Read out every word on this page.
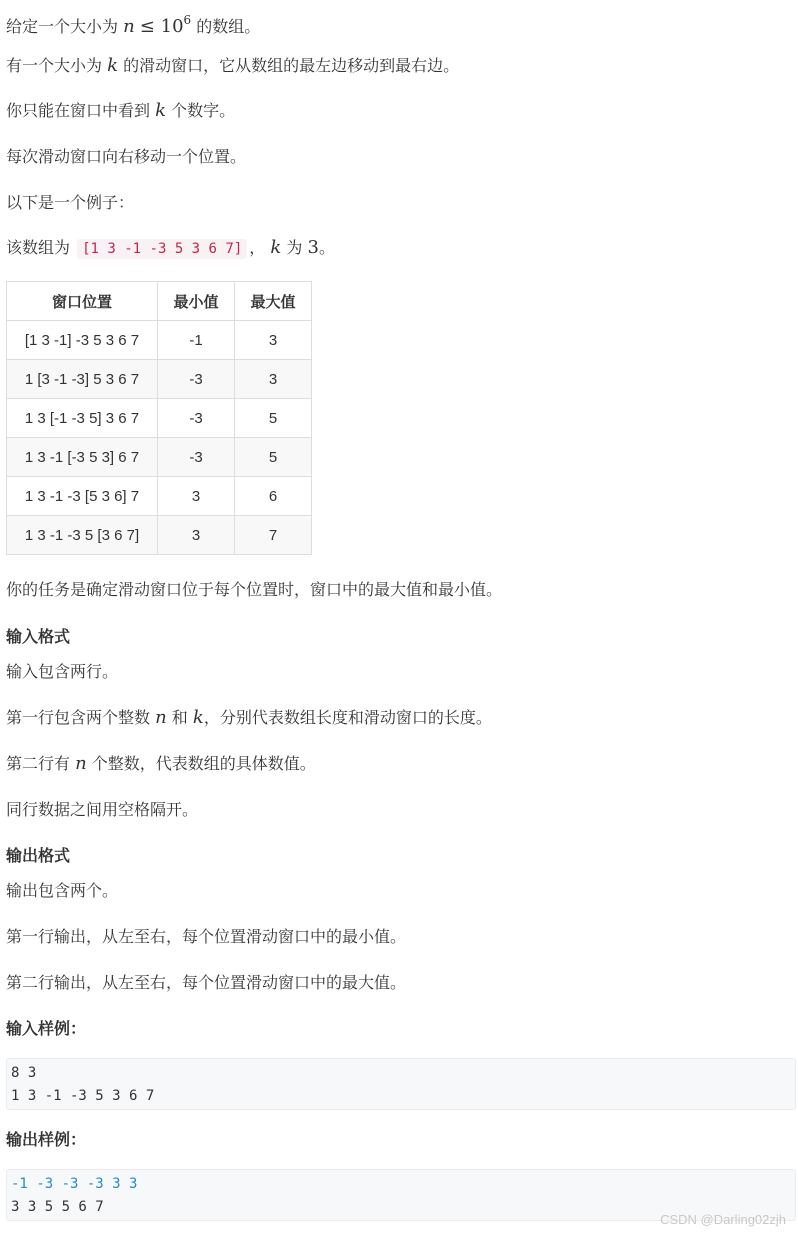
给定一个大小为 $n \le 10^6$ 的数组。
有一个大小为 k 的滑动窗口，它从数组的最左边移动到最右边。
你只能在窗口中看到 k 个数字。
每次滑动窗口向右移动一个位置。
以下是一个例子：
该数组为 [1 3 -1 -3 5 3 6 7] ， k 为 3。
窗口位置	最小值	最大值
[1 3 -1] -3 5 3 6 7	-1	3
1 [3 -1 -3] 5 3 6 7	-3	3
1 3 [-1 -3 5] 3 6 7	-3	5
1 3 -1 [-3 5 3] 6 7	-3	5
1 3 -1 -3 [5 3 6] 7	3	6
1 3 -1 -3 5 [3 6 7]	3	7
你的任务是确定滑动窗口位于每个位置时，窗口中的最大值和最小值。
输入格式
输入包含两行。
第一行包含两个整数 n 和 k，分别代表数组长度和滑动窗口的长度。
第二行有 n 个整数，代表数组的具体数值。
同行数据之间用空格隔开。
输出格式
输出包含两个。
第一行输出，从左至右，每个位置滑动窗口中的最小值。
第二行输出，从左至右，每个位置滑动窗口中的最大值。
输入样例：
8 3
1 3 -1 -3 5 3 6 7
输出样例：
-1 -3 -3 -3 3 3
3 3 5 5 6 7
CSDN @Darling02zjh
